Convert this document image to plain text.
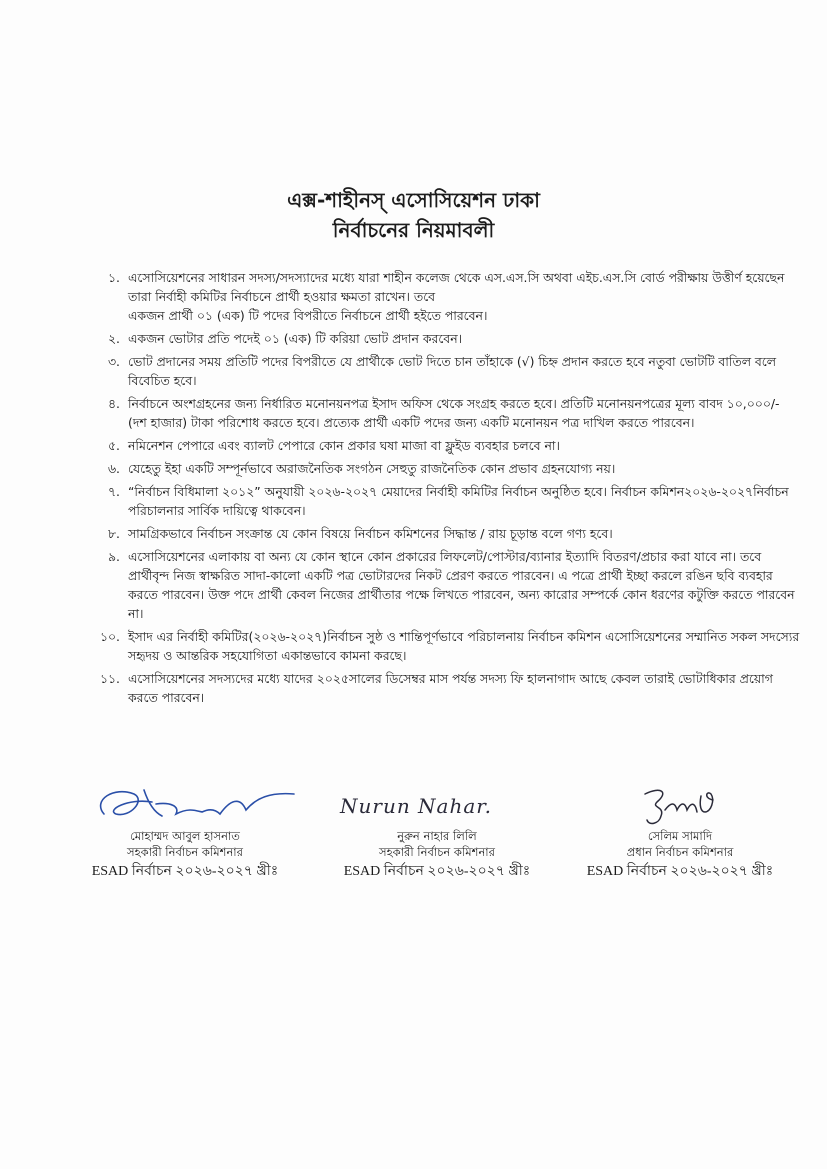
এক্স-শাহীনস্‌ এসোসিয়েশন ঢাকা
নির্বাচনের নিয়মাবলী
১. এসোসিয়েশনের সাধারন সদস্য/সদস্যাদের মধ্যে যারা শাহীন কলেজ থেকে এস.এস.সি অথবা এইচ.এস.সি বোর্ড পরীক্ষায় উত্তীর্ণ হয়েছেন তারা নির্বাহী কমিটির নির্বাচনে প্রার্থী হওয়ার ক্ষমতা রাখেন। তবে

একজন প্রার্থী ০১ (এক) টি পদের বিপরীতে নির্বাচনে প্রার্থী হইতে পারবেন।

২. একজন ভোটার প্রতি পদেই ০১ (এক) টি করিয়া ভোট প্রদান করবেন।

৩. ভোট প্রদানের সময় প্রতিটি পদের বিপরীতে যে প্রার্থীকে ভোট দিতে চান তাঁহাকে (√) চিহ্ন প্রদান করতে হবে নতুবা ভোটটি বাতিল বলে বিবেচিত হবে।

৪. নির্বাচনে অংশগ্রহনের জন্য নির্ধারিত মনোনয়নপত্র ইসাদ অফিস থেকে সংগ্রহ করতে হবে। প্রতিটি মনোনয়নপত্রের মূল্য বাবদ ১০,০০০/- (দশ হাজার) টাকা পরিশোধ করতে হবে। প্রত্যেক প্রার্থী একটি পদের জন্য একটি মনোনয়ন পত্র দাখিল করতে পারবেন।

৫. নমিনেশন পেপারে এবং ব্যালট পেপারে কোন প্রকার ঘষা মাজা বা ফ্লুইড ব্যবহার চলবে না।

৬. যেহেতু ইহা একটি সম্পূর্নভাবে অরাজনৈতিক সংগঠন সেহুতু রাজনৈতিক কোন প্রভাব গ্রহনযোগ্য নয়।

৭. “নির্বাচন বিধিমালা ২০১২” অনুযায়ী ২০২৬-২০২৭ মেয়াদের নির্বাহী কমিটির নির্বাচন অনুষ্ঠিত হবে। নির্বাচন কমিশন২০২৬-২০২৭নির্বাচন পরিচালনার সার্বিক দায়িত্বে থাকবেন।

৮. সামগ্রিকভাবে নির্বাচন সংক্রান্ত যে কোন বিষয়ে নির্বাচন কমিশনের সিদ্ধান্ত / রায় চূড়ান্ত বলে গণ্য হবে।

৯. এসোসিয়েশনের এলাকায় বা অন্য যে কোন স্থানে কোন প্রকারের লিফলেট/পোস্টার/ব্যানার ইত্যাদি বিতরণ/প্রচার করা যাবে না। তবে প্রার্থীবৃন্দ নিজ স্বাক্ষরিত সাদা-কালো একটি পত্র ভোটারদের নিকট প্রেরণ করতে পারবেন। এ পত্রে প্রার্থী ইচ্ছা করলে রঙিন ছবি ব্যবহার করতে পারবেন। উক্ত পদে প্রার্থী কেবল নিজের প্রার্থীতার পক্ষে লিখতে পারবেন, অন্য কারোর সম্পর্কে কোন ধরণের কটুক্তি করতে পারবেন না।

১০. ইসাদ এর নির্বাহী কমিটির(২০২৬-২০২৭)নির্বাচন সুষ্ঠ ও শান্তিপূর্ণভাবে পরিচালনায় নির্বাচন কমিশন এসোসিয়েশনের সম্মানিত সকল সদস্যের সহৃদয় ও আন্তরিক সহযোগিতা একান্তভাবে কামনা করছে।

১১. এসোসিয়েশনের সদস্যদের মধ্যে যাদের ২০২৫সালের ডিসেম্বর মাস পর্যন্ত সদস্য ফি হালনাগাদ আছে কেবল তারাই ভোটাধিকার প্রয়োগ করতে পারবেন।

মোহাম্মদ আবুল হাসনাত
সহকারী নির্বাচন কমিশনার
ESAD নির্বাচন ২০২৬-২০২৭ খ্রীঃ
Nurun Nahar.
নুরুন নাহার লিলি
সহকারী নির্বাচন কমিশনার
ESAD নির্বাচন ২০২৬-২০২৭ খ্রীঃ
সেলিম সামাদি
প্রধান নির্বাচন কমিশনার
ESAD নির্বাচন ২০২৬-২০২৭ খ্রীঃ
